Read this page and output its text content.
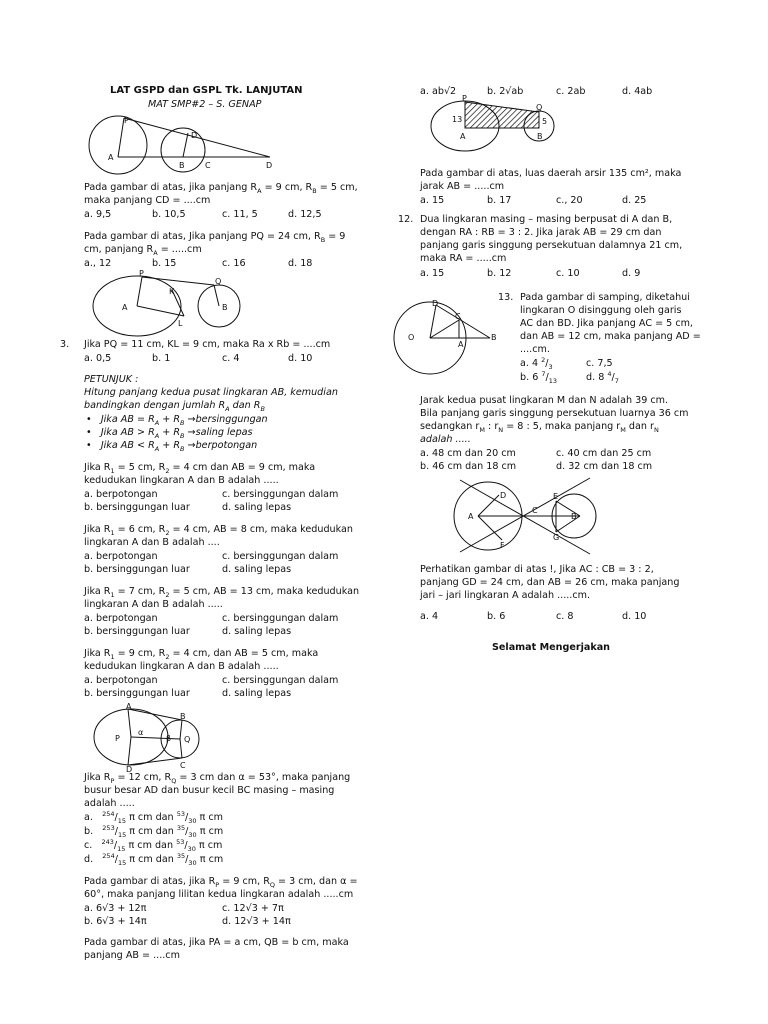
LAT GSPD dan GSPL Tk. LANJUTAN
MAT SMP#2 – S. GENAP
P
D
A
B	C	D
Pada gambar di atas, jika panjang $R_A = 9$ cm, $R_B = 5$ cm,
maka panjang CD = ....cm
a. 9,5	b. 10,5	c. 11, 5	d. 12,5
Pada gambar di atas, Jika panjang PQ = 24 cm, $R_B = 9$
cm, panjang $R_A = .....cm$
a., 12	b. 15	c. 16	d. 18
P
K
Q
A
L
B
3. Jika PQ = 11 cm, KL = 9 cm, maka Ra x Rb = ....cm
a. 0,5	b. 1	c. 4	d. 10
PETUNJUK :
Hitung panjang kedua pusat lingkaran AB, kemudian
bandingkan dengan jumlah $R_A$ dan $R_B$
•   Jika AB = $R_A + R_B$ →bersinggungan
•   Jika AB > $R_A + R_B$ →saling lepas
•   Jika AB < $R_A + R_B$ →berpotongan
Jika $R_1 = 5$ cm, $R_2 = 4$ cm dan AB = 9 cm, maka
kedudukan lingkaran A dan B adalah .....
a. berpotongan	c. bersinggungan dalam
b. bersinggungan luar	d. saling lepas
Jika $R_1 = 6$ cm, $R_2 = 4$ cm, AB = 8 cm, maka kedudukan
lingkaran A dan B adalah ....
a. berpotongan	c. bersinggungan dalam
b. bersinggungan luar	d. saling lepas
Jika $R_1 = 7$ cm, $R_2 = 5$ cm, AB = 13 cm, maka kedudukan
lingkaran A dan B adalah .....
a. berpotongan	c. bersinggungan dalam
b. bersinggungan luar	d. saling lepas
Jika $R_1 = 9$ cm, $R_2 = 4$ cm, dan AB = 5 cm, maka
kedudukan lingkaran A dan B adalah .....
a. berpotongan	c. bersinggungan dalam
b. bersinggungan luar	d. saling lepas
A
B
P
α
β Q
D	C
Jika $R_P = 12$ cm, $R_Q = 3$ cm dan α = 53°, maka panjang
busur besar AD dan busur kecil BC masing – masing
adalah .....
a. $^{254}/_{15}$ π cm dan $^{53}/_{30}$ π cm
b. $^{253}/_{15}$ π cm dan $^{35}/_{30}$ π cm
c. $^{243}/_{15}$ π cm dan $^{53}/_{30}$ π cm
d. $^{254}/_{15}$ π cm dan $^{35}/_{30}$ π cm
Pada gambar di atas, jika $R_P = 9$ cm, $R_Q = 3$ cm, dan α =
60°, maka panjang lilitan kedua lingkaran adalah .....cm
a. 6√3 + 12π	c. 12√3 + 7π
b. 6√3 + 14π	d. 12√3 + 14π
Pada gambar di atas, jika PA = a cm, QB = b cm, maka
panjang AB = ....cm
a. ab√2	b. 2√ab	c. 2ab	d. 4ab
P
Q
13	5
A	B
Pada gambar di atas, luas daerah arsir 135 cm², maka
jarak AB = .....cm
a. 15	b. 17	c., 20	d. 25
12. Dua lingkaran masing – masing berpusat di A dan B,
dengan RA : RB = 3 : 2. Jika jarak AB = 29 cm dan
panjang garis singgung persekutuan dalamnya 21 cm,
maka RA = .....cm
a. 15	b. 12	c. 10	d. 9
D
C
O
A
B
13. Pada gambar di samping, diketahui
lingkaran O disinggung oleh garis
AC dan BD. Jika panjang AC = 5 cm,
dan AB = 12 cm, maka panjang AD =
....cm.
a. 4 $^2/_3$	c. 7,5
b. 6 $^7/_{13}$	d. 8 $^4/_7$
Jarak kedua pusat lingkaran M dan N adalah 39 cm.
Bila panjang garis singgung persekutuan luarnya 36 cm
sedangkan $r_M$ : $r_N = 8$ : 5, maka panjang $r_M$ dan $r_N$
adalah .....
a. 48 cm dan 20 cm	c. 40 cm dan 25 cm
b. 46 cm dan 18 cm	d. 32 cm dan 18 cm
D	E
A
C
B
F
G
Perhatikan gambar di atas !, Jika AC : CB = 3 : 2,
panjang GD = 24 cm, dan AB = 26 cm, maka panjang
jari – jari lingkaran A adalah .....cm.
a. 4	b. 6	c. 8	d. 10
Selamat Mengerjakan
